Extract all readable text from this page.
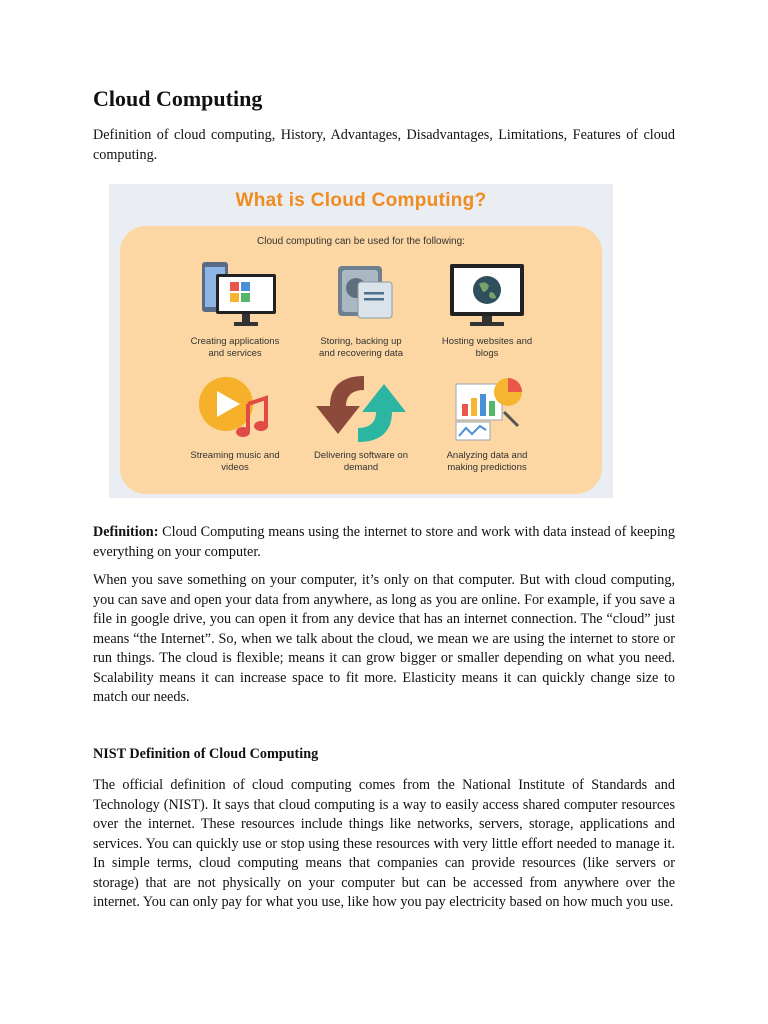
Cloud Computing

Definition of cloud computing, History, Advantages, Disadvantages, Limitations, Features of cloud computing.

What is Cloud Computing?
Cloud computing can be used for the following:
Creating applications
and services
Storing, backing up
and recovering data
Hosting websites and
blogs
Streaming music and
videos
Delivering software on
demand
Analyzing data and
making predictions

Definition: Cloud Computing means using the internet to store and work with data instead of keeping everything on your computer.

When you save something on your computer, it’s only on that computer. But with cloud computing, you can save and open your data from anywhere, as long as you are online. For example, if you save a file in google drive, you can open it from any device that has an internet connection. The “cloud” just means “the Internet”. So, when we talk about the cloud, we mean we are using the internet to store or run things. The cloud is flexible; means it can grow bigger or smaller depending on what you need. Scalability means it can increase space to fit more. Elasticity means it can quickly change size to match our needs.

NIST Definition of Cloud Computing

The official definition of cloud computing comes from the National Institute of Standards and Technology (NIST). It says that cloud computing is a way to easily access shared computer resources over the internet. These resources include things like networks, servers, storage, applications and services. You can quickly use or stop using these resources with very little effort needed to manage it. In simple terms, cloud computing means that companies can provide resources (like servers or storage) that are not physically on your computer but can be accessed from anywhere over the internet. You can only pay for what you use, like how you pay electricity based on how much you use.
